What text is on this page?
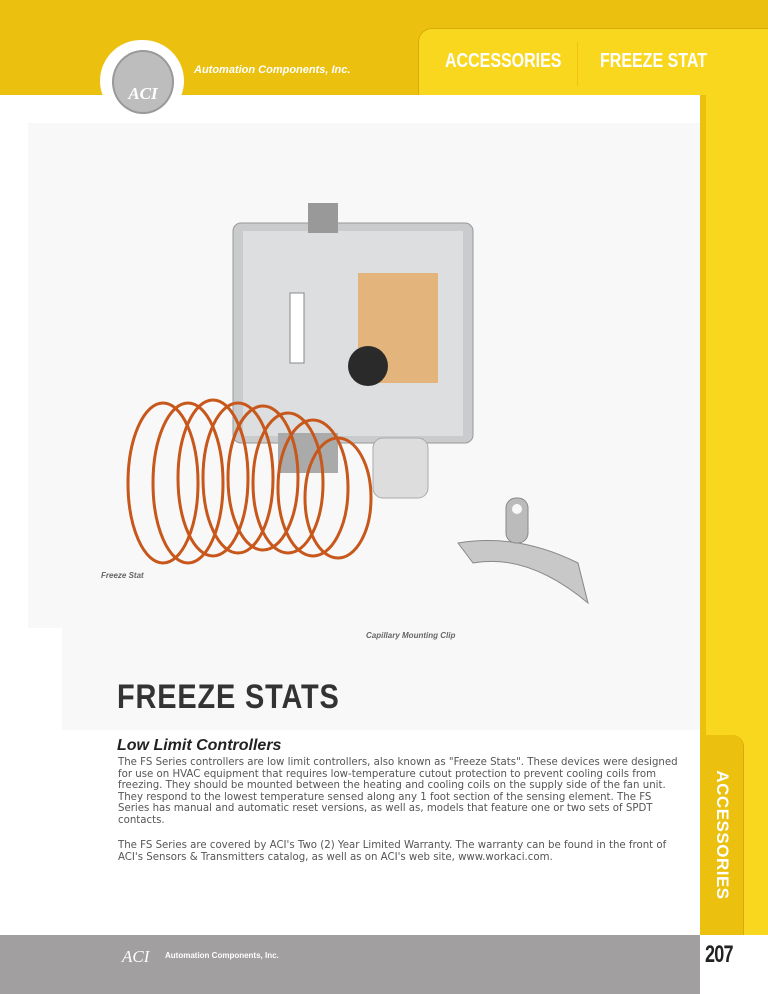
ACCESSORIES FREEZE STAT
ACCESSORIES
Automation Components, Inc.
Freeze Stat
Capillary Mounting Clip
ACI
FREEZE STATS
Low Limit Controllers

The FS Series controllers are low limit controllers, also known as "Freeze Stats". These devices were designed for use on HVAC equipment that requires low-temperature cutout protection to prevent cooling coils from freezing. They should be mounted between the heating and cooling coils on the supply side of the fan unit. They respond to the lowest temperature sensed along any 1 foot section of the sensing element. The FS Series has manual and automatic reset versions, as well as, models that feature one or two sets of SPDT contacts.

The FS Series are covered by ACI's Two (2) Year Limited Warranty. The warranty can be found in the front of ACI's Sensors & Transmitters catalog, as well as on ACI's web site, www.workaci.com.

ACI Automation Components, Inc.	207
